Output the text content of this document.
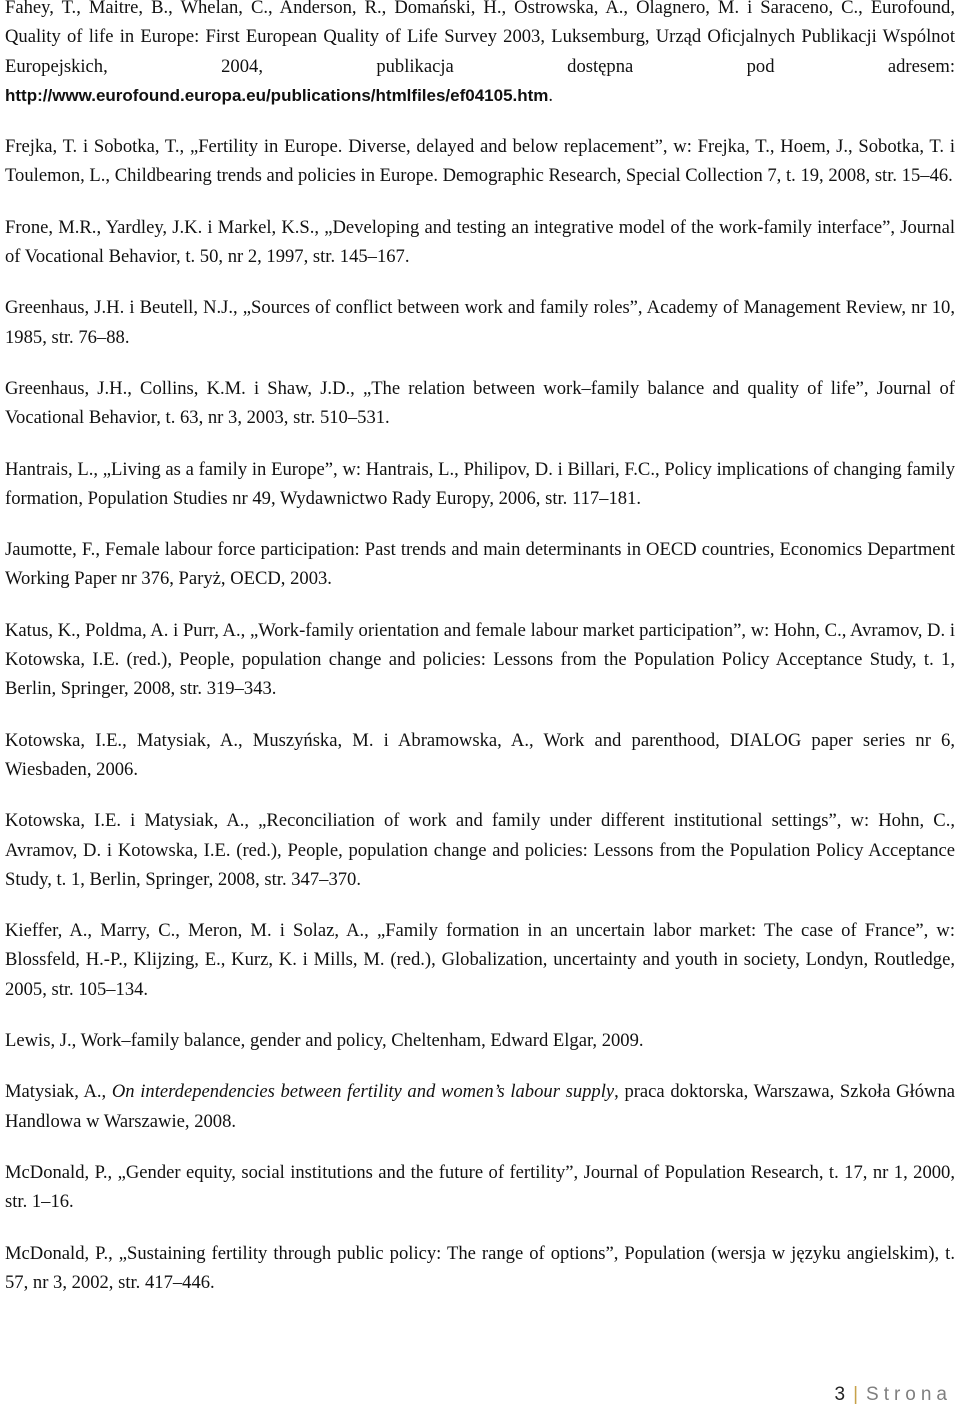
Fahey, T., Maitre, B., Whelan, C., Anderson, R., Domański, H., Ostrowska, A., Olagnero, M. i Saraceno, C., Eurofound, Quality of life in Europe: First European Quality of Life Survey 2003, Luksemburg, Urząd Oficjalnych Publikacji Wspólnot Europejskich, 2004, publikacja dostępna pod adresem: http://www.eurofound.europa.eu/publications/htmlfiles/ef04105.htm.

Frejka, T. i Sobotka, T., „Fertility in Europe. Diverse, delayed and below replacement”, w: Frejka, T., Hoem, J., Sobotka, T. i Toulemon, L., Childbearing trends and policies in Europe. Demographic Research, Special Collection 7, t. 19, 2008, str. 15–46.

Frone, M.R., Yardley, J.K. i Markel, K.S., „Developing and testing an integrative model of the work-family interface”, Journal of Vocational Behavior, t. 50, nr 2, 1997, str. 145–167.

Greenhaus, J.H. i Beutell, N.J., „Sources of conflict between work and family roles”, Academy of Management Review, nr 10, 1985, str. 76–88.

Greenhaus, J.H., Collins, K.M. i Shaw, J.D., „The relation between work–family balance and quality of life”, Journal of Vocational Behavior, t. 63, nr 3, 2003, str. 510–531.

Hantrais, L., „Living as a family in Europe”, w: Hantrais, L., Philipov, D. i Billari, F.C., Policy implications of changing family formation, Population Studies nr 49, Wydawnictwo Rady Europy, 2006, str. 117–181.

Jaumotte, F., Female labour force participation: Past trends and main determinants in OECD countries, Economics Department Working Paper nr 376, Paryż, OECD, 2003.

Katus, K., Poldma, A. i Purr, A., „Work-family orientation and female labour market participation”, w: Hohn, C., Avramov, D. i Kotowska, I.E. (red.), People, population change and policies: Lessons from the Population Policy Acceptance Study, t. 1, Berlin, Springer, 2008, str. 319–343.

Kotowska, I.E., Matysiak, A., Muszyńska, M. i Abramowska, A., Work and parenthood, DIALOG paper series nr 6, Wiesbaden, 2006.

Kotowska, I.E. i Matysiak, A., „Reconciliation of work and family under different institutional settings”, w: Hohn, C., Avramov, D. i Kotowska, I.E. (red.), People, population change and policies: Lessons from the Population Policy Acceptance Study, t. 1, Berlin, Springer, 2008, str. 347–370.

Kieffer, A., Marry, C., Meron, M. i Solaz, A., „Family formation in an uncertain labor market: The case of France”, w: Blossfeld, H.-P., Klijzing, E., Kurz, K. i Mills, M. (red.), Globalization, uncertainty and youth in society, Londyn, Routledge, 2005, str. 105–134.

Lewis, J., Work–family balance, gender and policy, Cheltenham, Edward Elgar, 2009.

Matysiak, A., On interdependencies between fertility and women’s labour supply, praca doktorska, Warszawa, Szkoła Główna Handlowa w Warszawie, 2008.

McDonald, P., „Gender equity, social institutions and the future of fertility”, Journal of Population Research, t. 17, nr 1, 2000, str. 1–16.

McDonald, P., „Sustaining fertility through public policy: The range of options”, Population (wersja w języku angielskim), t. 57, nr 3, 2002, str. 417–446.

3 | Strona
